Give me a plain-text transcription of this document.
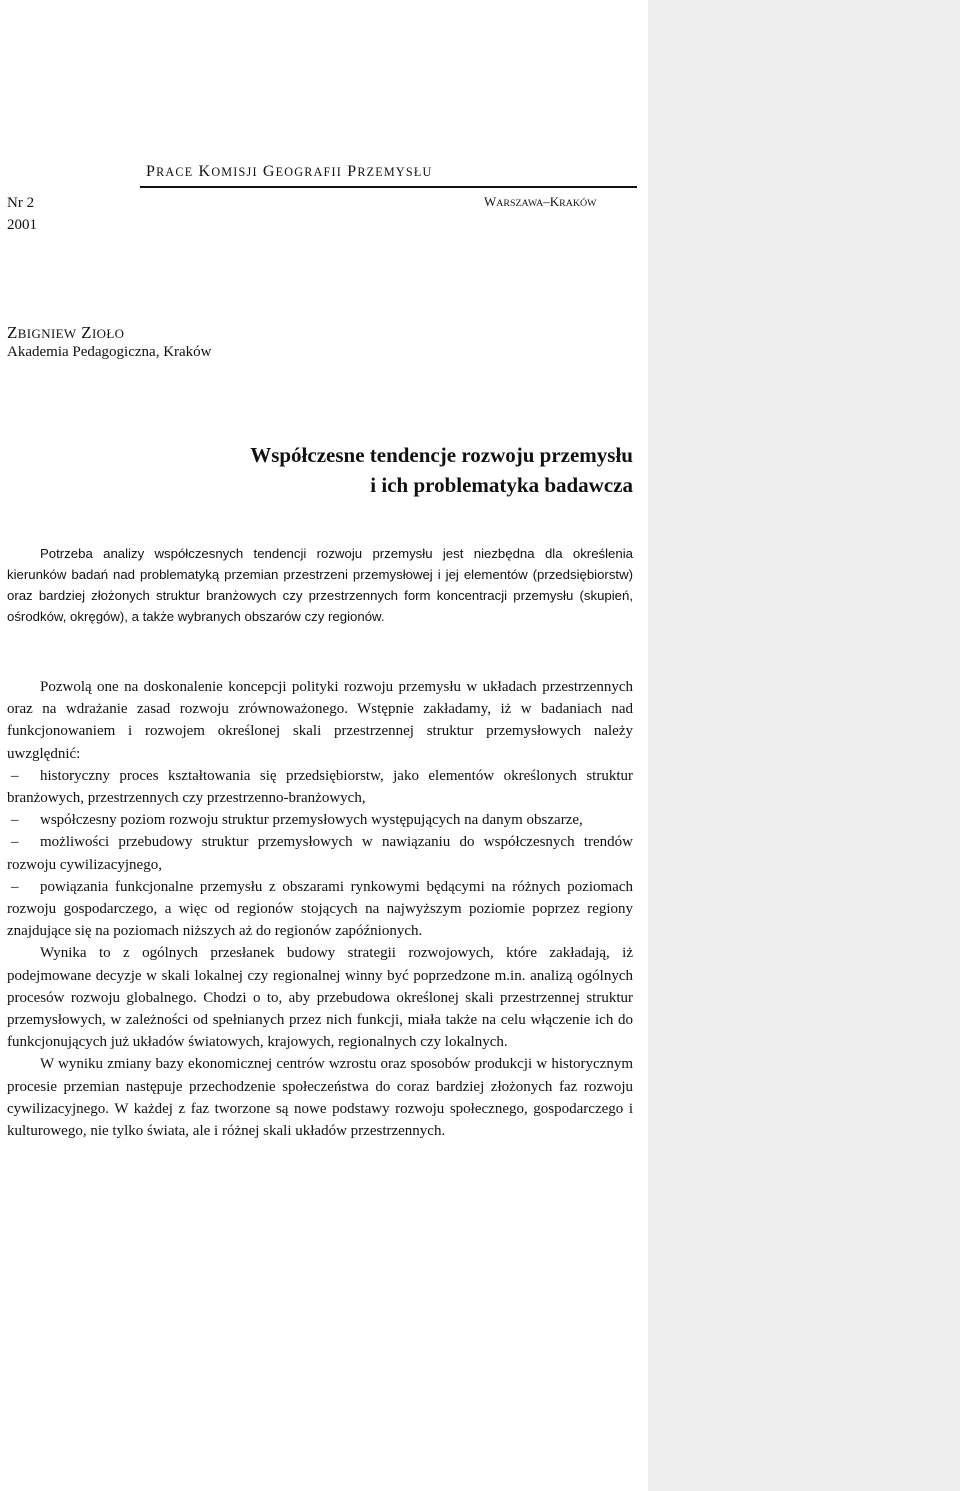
PRACE KOMISJI GEOGRAFII PRZEMYSŁU
Nr 2
2001
WARSZAWA–KRAKÓW
ZBIGNIEW ZIOŁO
Akademia Pedagogiczna, Kraków
Współczesne tendencje rozwoju przemysłu
i ich problematyka badawcza

Potrzeba analizy współczesnych tendencji rozwoju przemysłu jest niezbędna dla określenia kierunków badań nad problematyką przemian przestrzeni przemysłowej i jej elementów (przedsiębiorstw) oraz bardziej złożonych struktur branżowych czy przestrzennych form koncentracji przemysłu (skupień, ośrodków, okręgów), a także wybranych obszarów czy regionów.

Pozwolą one na doskonalenie koncepcji polityki rozwoju przemysłu w układach przestrzennych oraz na wdrażanie zasad rozwoju zrównoważonego. Wstępnie zakładamy, iż w badaniach nad funkcjonowaniem i rozwojem określonej skali przestrzennej struktur przemysłowych należy uwzględnić:

– historyczny proces kształtowania się przedsiębiorstw, jako elementów określonych struktur branżowych, przestrzennych czy przestrzenno-branżowych,

– współczesny poziom rozwoju struktur przemysłowych występujących na danym obszarze,

– możliwości przebudowy struktur przemysłowych w nawiązaniu do współczesnych trendów rozwoju cywilizacyjnego,

– powiązania funkcjonalne przemysłu z obszarami rynkowymi będącymi na różnych poziomach rozwoju gospodarczego, a więc od regionów stojących na najwyższym poziomie poprzez regiony znajdujące się na poziomach niższych aż do regionów zapóźnionych.

Wynika to z ogólnych przesłanek budowy strategii rozwojowych, które zakładają, iż podejmowane decyzje w skali lokalnej czy regionalnej winny być poprzedzone m.in. analizą ogólnych procesów rozwoju globalnego. Chodzi o to, aby przebudowa określonej skali przestrzennej struktur przemysłowych, w zależności od spełnianych przez nich funkcji, miała także na celu włączenie ich do funkcjonujących już układów światowych, krajowych, regionalnych czy lokalnych.

W wyniku zmiany bazy ekonomicznej centrów wzrostu oraz sposobów produkcji w historycznym procesie przemian następuje przechodzenie społeczeństwa do coraz bardziej złożonych faz rozwoju cywilizacyjnego. W każdej z faz tworzone są nowe podstawy rozwoju społecznego, gospodarczego i kulturowego, nie tylko świata, ale i różnej skali układów przestrzennych.
